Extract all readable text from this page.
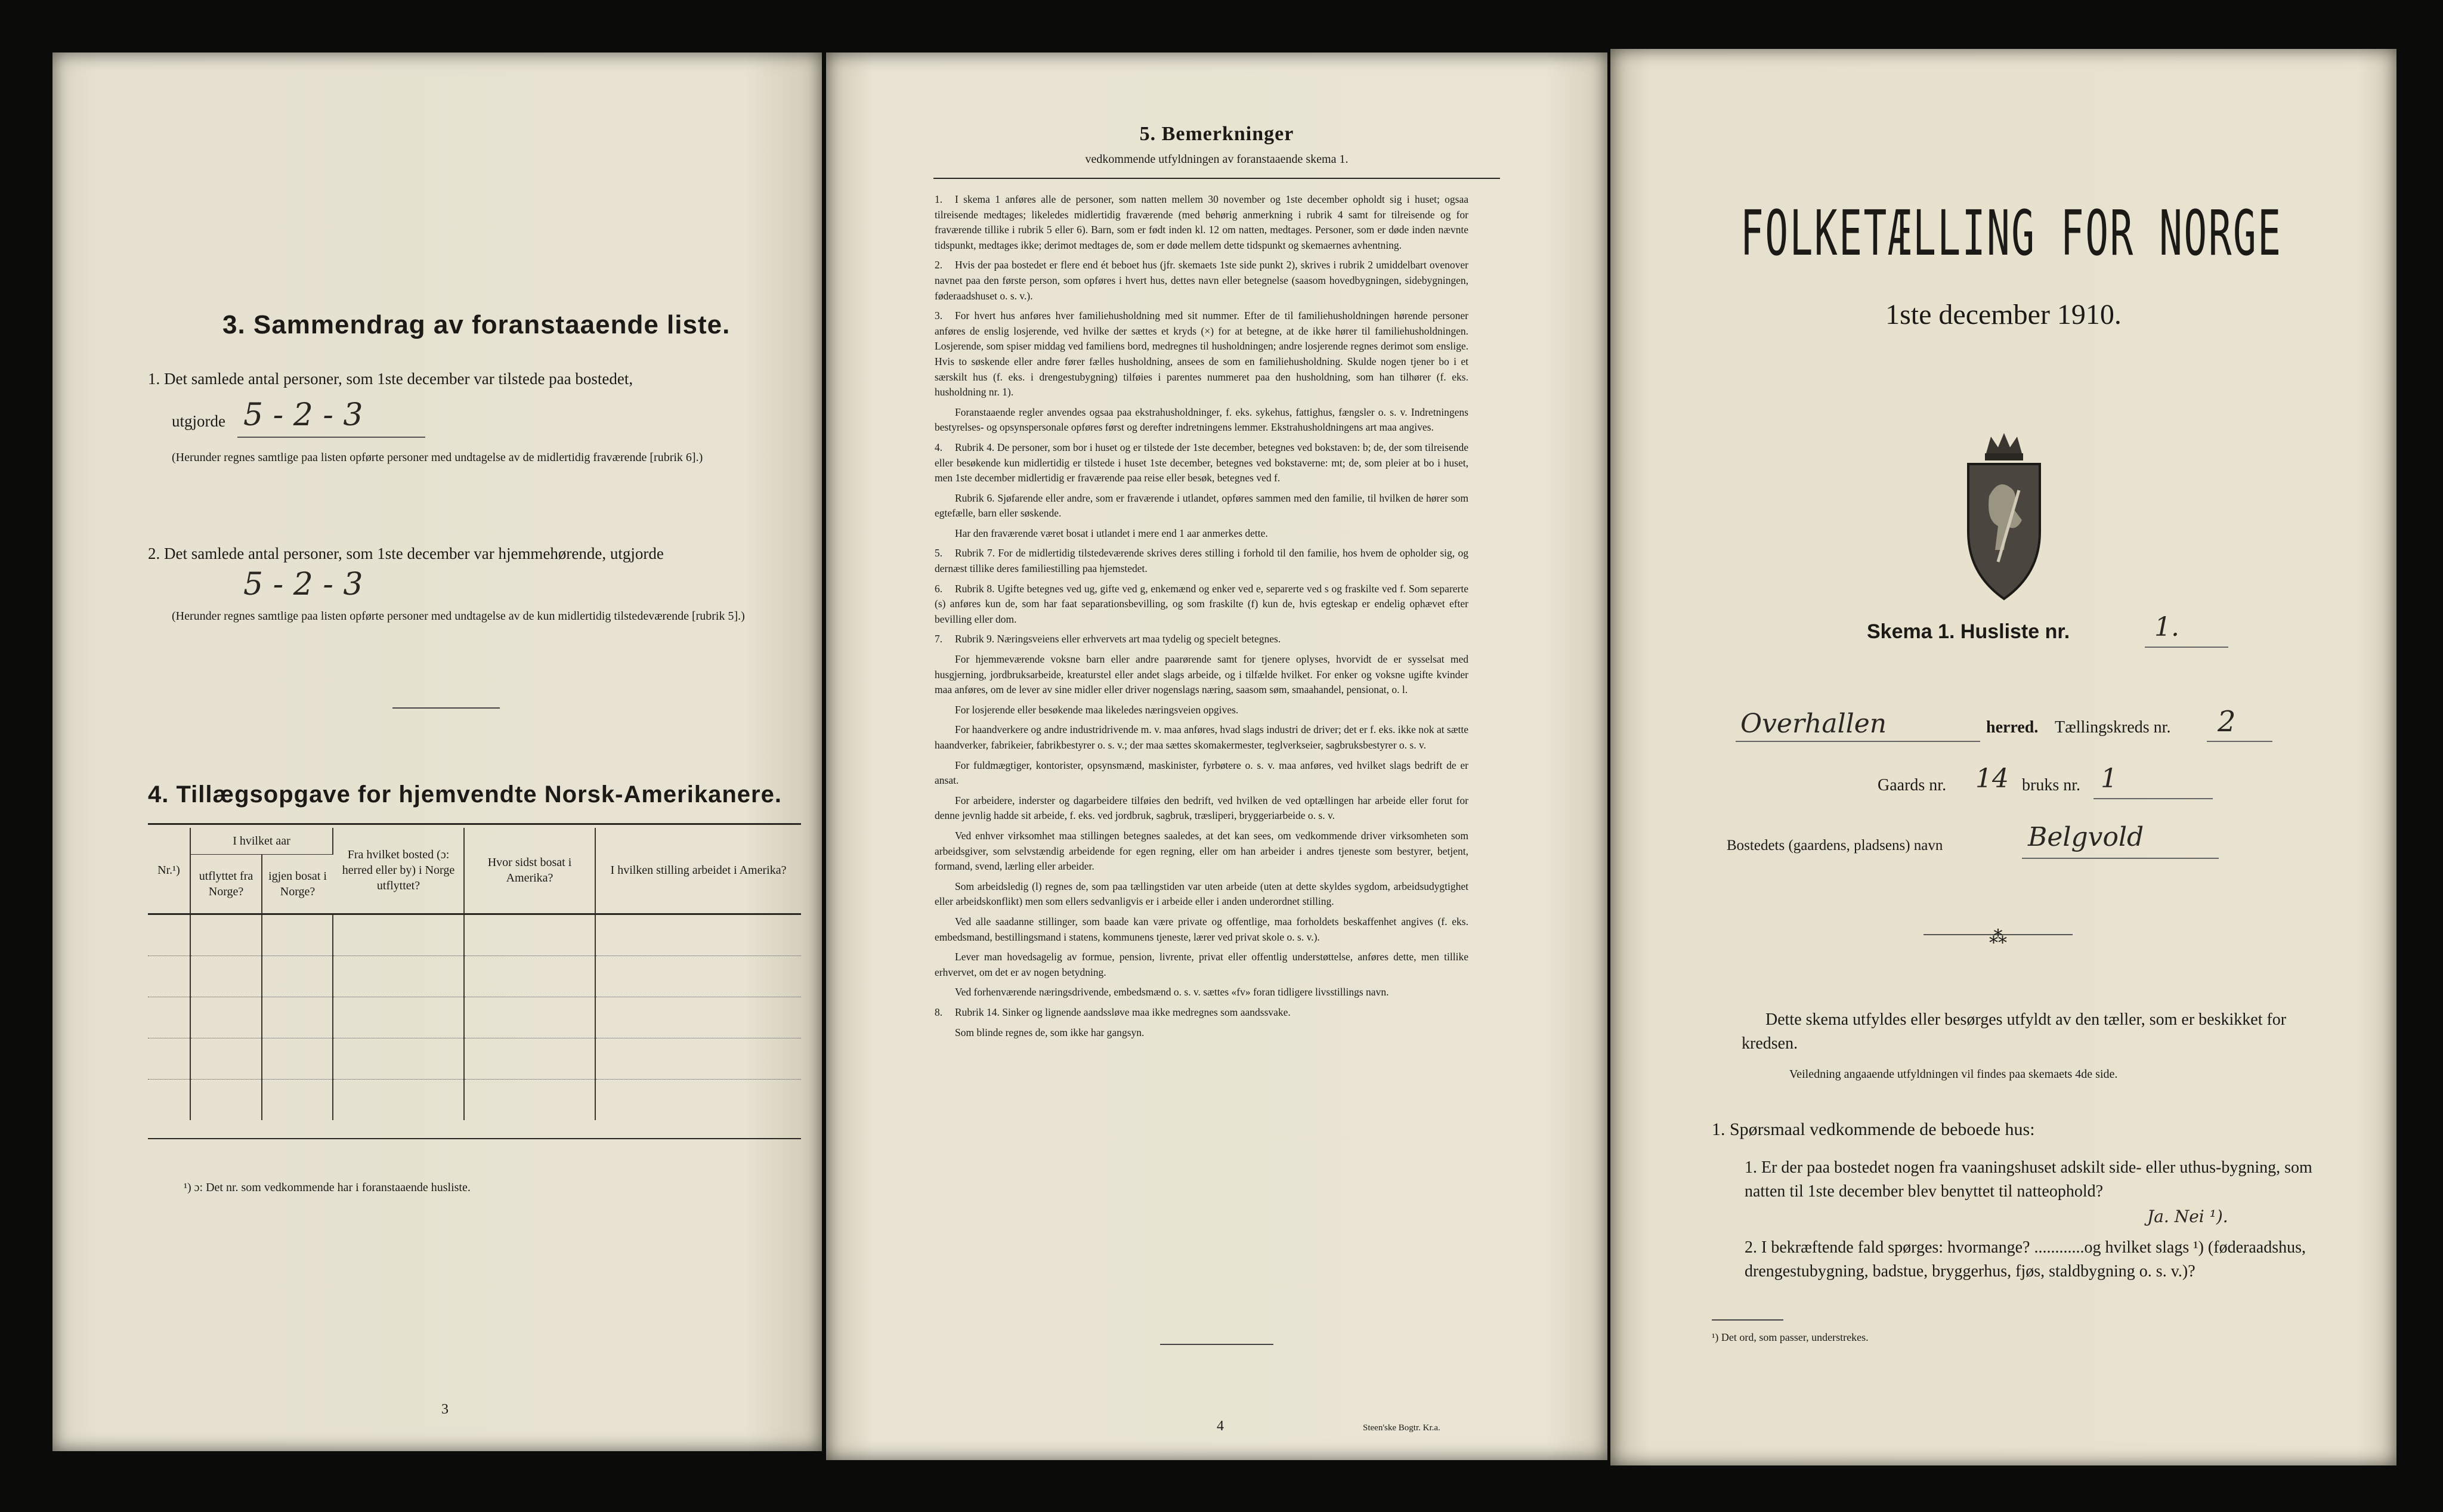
3. Sammendrag av foranstaaende liste.
1. Det samlede antal personer, som 1ste december var tilstede paa bostedet,
utgjorde 5 - 2 - 3
(Herunder regnes samtlige paa listen opførte personer med undtagelse av de midlertidig fraværende [rubrik 6].)
2. Det samlede antal personer, som 1ste december var hjemmehørende, utgjorde
5 - 2 - 3
(Herunder regnes samtlige paa listen opførte personer med undtagelse av de kun midlertidig tilstedeværende [rubrik 5].)
4. Tillægsopgave for hjemvendte Norsk-Amerikanere.
Nr.¹)	I hvilket aar		Fra hvilket bosted (ɔ: herred eller by) i Norge utflyttet?	Hvor sidst bosat i Amerika?	I hvilken stilling arbeidet i Amerika?
	utflyttet fra Norge?	igjen bosat i Norge?			

¹) ɔ: Det nr. som vedkommende har i foranstaaende husliste.
3
5. Bemerkninger
vedkommende utfyldningen av foranstaaende skema 1.

1. I skema 1 anføres alle de personer, som natten mellem 30 november og 1ste december opholdt sig i huset; ogsaa tilreisende medtages; likeledes midlertidig fraværende (med behørig anmerkning i rubrik 4 samt for tilreisende og for fraværende tillike i rubrik 5 eller 6). Barn, som er født inden kl. 12 om natten, medtages. Personer, som er døde inden nævnte tidspunkt, medtages ikke; derimot medtages de, som er døde mellem dette tidspunkt og skemaernes avhentning.

2. Hvis der paa bostedet er flere end ét beboet hus (jfr. skemaets 1ste side punkt 2), skrives i rubrik 2 umiddelbart ovenover navnet paa den første person, som opføres i hvert hus, dettes navn eller betegnelse (saasom hovedbygningen, sidebygningen, føderaadshuset o. s. v.).

3. For hvert hus anføres hver familiehusholdning med sit nummer. Efter de til familiehusholdningen hørende personer anføres de enslig losjerende, ved hvilke der sættes et kryds (×) for at betegne, at de ikke hører til familiehusholdningen. Losjerende, som spiser middag ved familiens bord, medregnes til husholdningen; andre losjerende regnes derimot som enslige. Hvis to søskende eller andre fører fælles husholdning, ansees de som en familiehusholdning. Skulde nogen tjener bo i et særskilt hus (f. eks. i drengestubygning) tilføies i parentes nummeret paa den husholdning, som han tilhører (f. eks. husholdning nr. 1).

Foranstaaende regler anvendes ogsaa paa ekstrahusholdninger, f. eks. sykehus, fattighus, fængsler o. s. v. Indretningens bestyrelses- og opsynspersonale opføres først og derefter indretningens lemmer. Ekstrahusholdningens art maa angives.

4. Rubrik 4. De personer, som bor i huset og er tilstede der 1ste december, betegnes ved bokstaven: b; de, der som tilreisende eller besøkende kun midlertidig er tilstede i huset 1ste december, betegnes ved bokstaverne: mt; de, som pleier at bo i huset, men 1ste december midlertidig er fraværende paa reise eller besøk, betegnes ved f.

Rubrik 6. Sjøfarende eller andre, som er fraværende i utlandet, opføres sammen med den familie, til hvilken de hører som egtefælle, barn eller søskende.

Har den fraværende været bosat i utlandet i mere end 1 aar anmerkes dette.

5. Rubrik 7. For de midlertidig tilstedeværende skrives deres stilling i forhold til den familie, hos hvem de opholder sig, og dernæst tillike deres familiestilling paa hjemstedet.

6. Rubrik 8. Ugifte betegnes ved ug, gifte ved g, enkemænd og enker ved e, separerte ved s og fraskilte ved f. Som separerte (s) anføres kun de, som har faat separationsbevilling, og som fraskilte (f) kun de, hvis egteskap er endelig ophævet efter bevilling eller dom.

7. Rubrik 9. Næringsveiens eller erhvervets art maa tydelig og specielt betegnes.

For hjemmeværende voksne barn eller andre paarørende samt for tjenere oplyses, hvorvidt de er sysselsat med husgjerning, jordbruksarbeide, kreaturstel eller andet slags arbeide, og i tilfælde hvilket. For enker og voksne ugifte kvinder maa anføres, om de lever av sine midler eller driver nogenslags næring, saasom søm, smaahandel, pensionat, o. l.

For losjerende eller besøkende maa likeledes næringsveien opgives.

For haandverkere og andre industridrivende m. v. maa anføres, hvad slags industri de driver; det er f. eks. ikke nok at sætte haandverker, fabrikeier, fabrikbestyrer o. s. v.; der maa sættes skomakermester, teglverkseier, sagbruksbestyrer o. s. v.

For fuldmægtiger, kontorister, opsynsmænd, maskinister, fyrbøtere o. s. v. maa anføres, ved hvilket slags bedrift de er ansat.

For arbeidere, inderster og dagarbeidere tilføies den bedrift, ved hvilken de ved optællingen har arbeide eller forut for denne jevnlig hadde sit arbeide, f. eks. ved jordbruk, sagbruk, træsliperi, bryggeriarbeide o. s. v.

Ved enhver virksomhet maa stillingen betegnes saaledes, at det kan sees, om vedkommende driver virksomheten som arbeidsgiver, som selvstændig arbeidende for egen regning, eller om han arbeider i andres tjeneste som bestyrer, betjent, formand, svend, lærling eller arbeider.

Som arbeidsledig (l) regnes de, som paa tællingstiden var uten arbeide (uten at dette skyldes sygdom, arbeidsudygtighet eller arbeidskonflikt) men som ellers sedvanligvis er i arbeide eller i anden underordnet stilling.

Ved alle saadanne stillinger, som baade kan være private og offentlige, maa forholdets beskaffenhet angives (f. eks. embedsmand, bestillingsmand i statens, kommunens tjeneste, lærer ved privat skole o. s. v.).

Lever man hovedsagelig av formue, pension, livrente, privat eller offentlig understøttelse, anføres dette, men tillike erhvervet, om det er av nogen betydning.

Ved forhenværende næringsdrivende, embedsmænd o. s. v. sættes «fv» foran tidligere livsstillings navn.

8. Rubrik 14. Sinker og lignende aandssløve maa ikke medregnes som aandssvake.

Som blinde regnes de, som ikke har gangsyn.

4	Steen'ske Bogtr. Kr.a.
FOLKETÆLLING FOR NORGE
1ste december 1910.
Skema 1. Husliste nr.	1.
Overhallen	herred. Tællingskreds nr. 2
Gaards nr. 14 bruks nr. 1
Bostedets (gaardens, pladsens) navn	Belgvold
⁂
Dette skema utfyldes eller besørges utfyldt av den tæller, som er beskikket for kredsen.
Veiledning angaaende utfyldningen vil findes paa skemaets 4de side.
1. Spørsmaal vedkommende de beboede hus:
1. Er der paa bostedet nogen fra vaaningshuset adskilt side- eller uthus-bygning, som natten til 1ste december blev benyttet til natteophold?
Ja. Nei ¹).
2. I bekræftende fald spørges: hvormange? ............og hvilket slags ¹) (føderaadshus, drengestubygning, badstue, bryggerhus, fjøs, staldbygning o. s. v.)?
¹) Det ord, som passer, understrekes.
